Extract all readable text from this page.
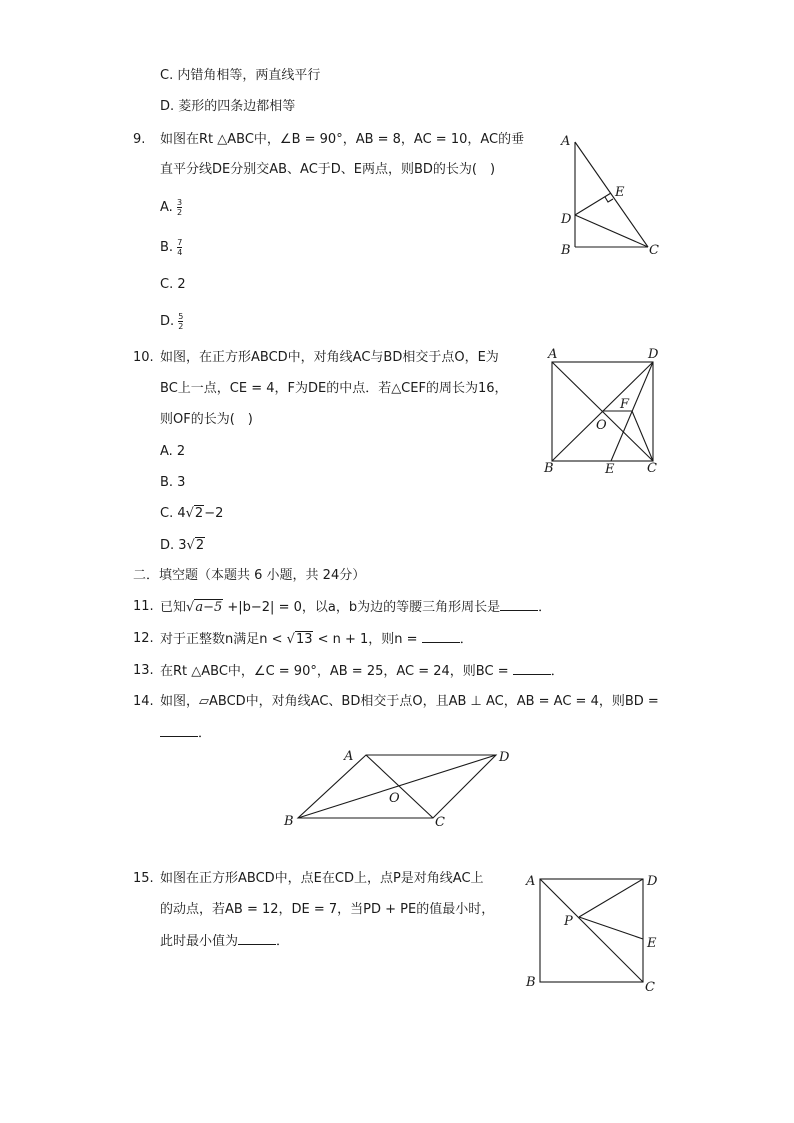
C. 内错角相等，两直线平行
D. 菱形的四条边都相等
9. 如图在Rt △ABC中，∠B = 90°，AB = 8，AC = 10，AC的垂
直平分线DE分别交AB、AC于D、E两点，则BD的长为(　)
A. $\frac{3}{2}$
B. $\frac{7}{4}$
C. 2
D. $\frac{5}{2}$
A
B	C
D
E
10. 如图，在正方形ABCD中，对角线AC与BD相交于点O，E为
BC上一点，CE = 4，F为DE的中点．若△CEF的周长为16，
则OF的长为(　)
A. 2
B. 3
C. 4√2−2
D. 3√2
A	D
B	C
E
F
O
二．填空题（本题共 6 小题，共 24分）
11. 已知√a−5 +|b−2| = 0，以a，b为边的等腰三角形周长是	．
12. 对于正整数n满足n < √13 < n + 1，则n =	．
13. 在Rt △ABC中，∠C = 90°，AB = 25，AC = 24，则BC =	．
14. 如图，▱ABCD中，对角线AC、BD相交于点O，且AB ⊥ AC，AB = AC = 4，则BD =
．
A	D
B	C
O
15. 如图在正方形ABCD中，点E在CD上，点P是对角线AC上
的动点，若AB = 12，DE = 7，当PD + PE的值最小时，
此时最小值为	．
A	D
B	C
E
P
